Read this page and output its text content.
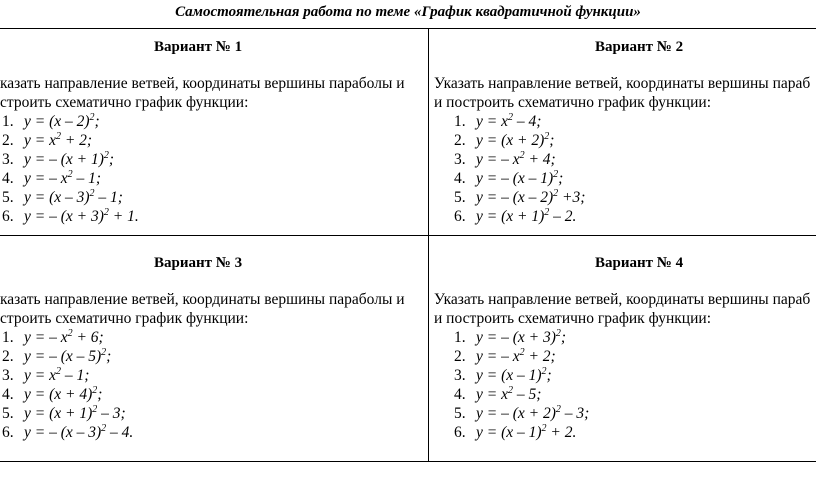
Самостоятельная работа по теме «График квадратичной функции»
Вариант № 1
казать направление ветвей, координаты вершины параболы и
строить схематично график функции:
1. y = (x – 2)$^2$;
2. $y = x^2 + 2$;
3. y = – $(x + 1)^2$;
4. y = – $x^2 - 1$;
5. y = (x – 3)$^2$ – 1;
6. y = – $(x + 3)^2 + 1$.
Вариант № 2
Указать направление ветвей, координаты вершины параб
и построить схематично график функции:
1. $y = x^2 - 4$;
2. $y = (x + 2)^2$;
3. y = – $x^2 + 4$;
4. y = – (x – 1)$^2$;
5. y = – (x – 2)$^2$ +3;
6. $y = (x + 1)^2 - 2$.
Вариант № 3
казать направление ветвей, координаты вершины параболы и
строить схематично график функции:
1. y = – $x^2 + 6$;
2. y = – (x – 5)$^2$;
3. $y = x^2 - 1$;
4. $y = (x + 4)^2$;
5. $y = (x + 1)^2 - 3$;
6. y = – (x – 3)$^2$ – 4.
Вариант № 4
Указать направление ветвей, координаты вершины параб
и построить схематично график функции:
1. y = – $(x + 3)^2$;
2. y = – $x^2 + 2$;
3. y = (x – 1)$^2$;
4. $y = x^2 - 5$;
5. y = – $(x + 2)^2 - 3$;
6. y = (x – 1)$^2$ + 2.
